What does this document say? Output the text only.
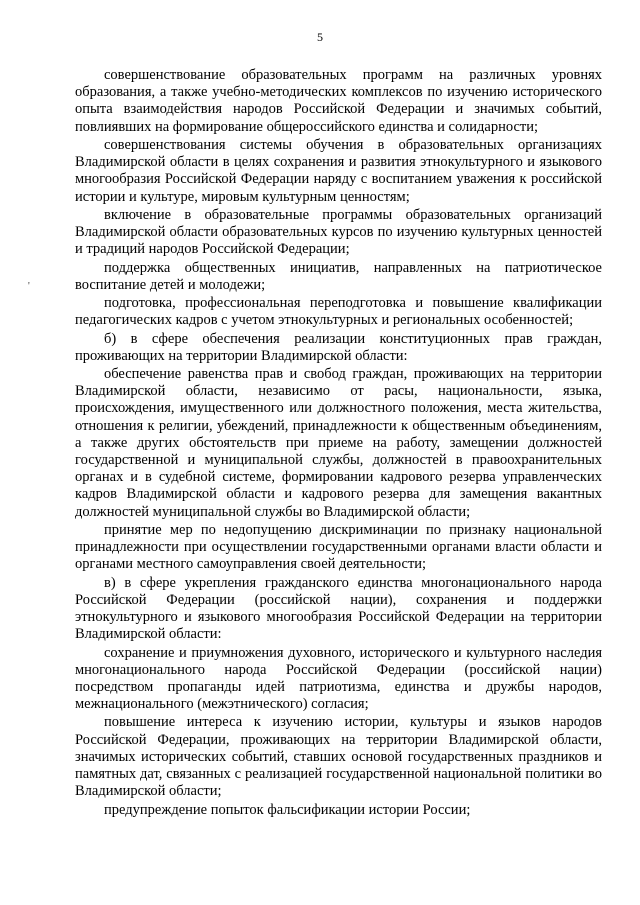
5
'

совершенствование образовательных программ на различных уровнях образования, а также учебно-методических комплексов по изучению исторического опыта взаимодействия народов Российской Федерации и значимых событий, повлиявших на формирование общероссийского единства и солидарности;

совершенствования системы обучения в образовательных организациях Владимирской области в целях сохранения и развития этнокультурного и языкового многообразия Российской Федерации наряду с воспитанием уважения к российской истории и культуре, мировым культурным ценностям;

включение в образовательные программы образовательных организаций Владимирской области образовательных курсов по изучению культурных ценностей и традиций народов Российской Федерации;

поддержка общественных инициатив, направленных на патриотическое воспитание детей и молодежи;

подготовка, профессиональная переподготовка и повышение квалификации педагогических кадров с учетом этнокультурных и региональных особенностей;

б) в сфере обеспечения реализации конституционных прав граждан, проживающих на территории Владимирской области:

обеспечение равенства прав и свобод граждан, проживающих на территории Владимирской области, независимо от расы, национальности, языка, происхождения, имущественного или должностного положения, места жительства, отношения к религии, убеждений, принадлежности к общественным объединениям, а также других обстоятельств при приеме на работу, замещении должностей государственной и муниципальной службы, должностей в правоохранительных органах и в судебной системе, формировании кадрового резерва управленческих кадров Владимирской области и кадрового резерва для замещения вакантных должностей муниципальной службы во Владимирской области;

принятие мер по недопущению дискриминации по признаку национальной принадлежности при осуществлении государственными органами власти области и органами местного самоуправления своей деятельности;

в) в сфере укрепления гражданского единства многонационального народа Российской Федерации (российской нации), сохранения и поддержки этнокультурного и языкового многообразия Российской Федерации на территории Владимирской области:

сохранение и приумножения духовного, исторического и культурного наследия многонационального народа Российской Федерации (российской нации) посредством пропаганды идей патриотизма, единства и дружбы народов, межнационального (межэтнического) согласия;

повышение интереса к изучению истории, культуры и языков народов Российской Федерации, проживающих на территории Владимирской области, значимых исторических событий, ставших основой государственных праздников и памятных дат, связанных с реализацией государственной национальной политики во Владимирской области;

предупреждение попыток фальсификации истории России;
